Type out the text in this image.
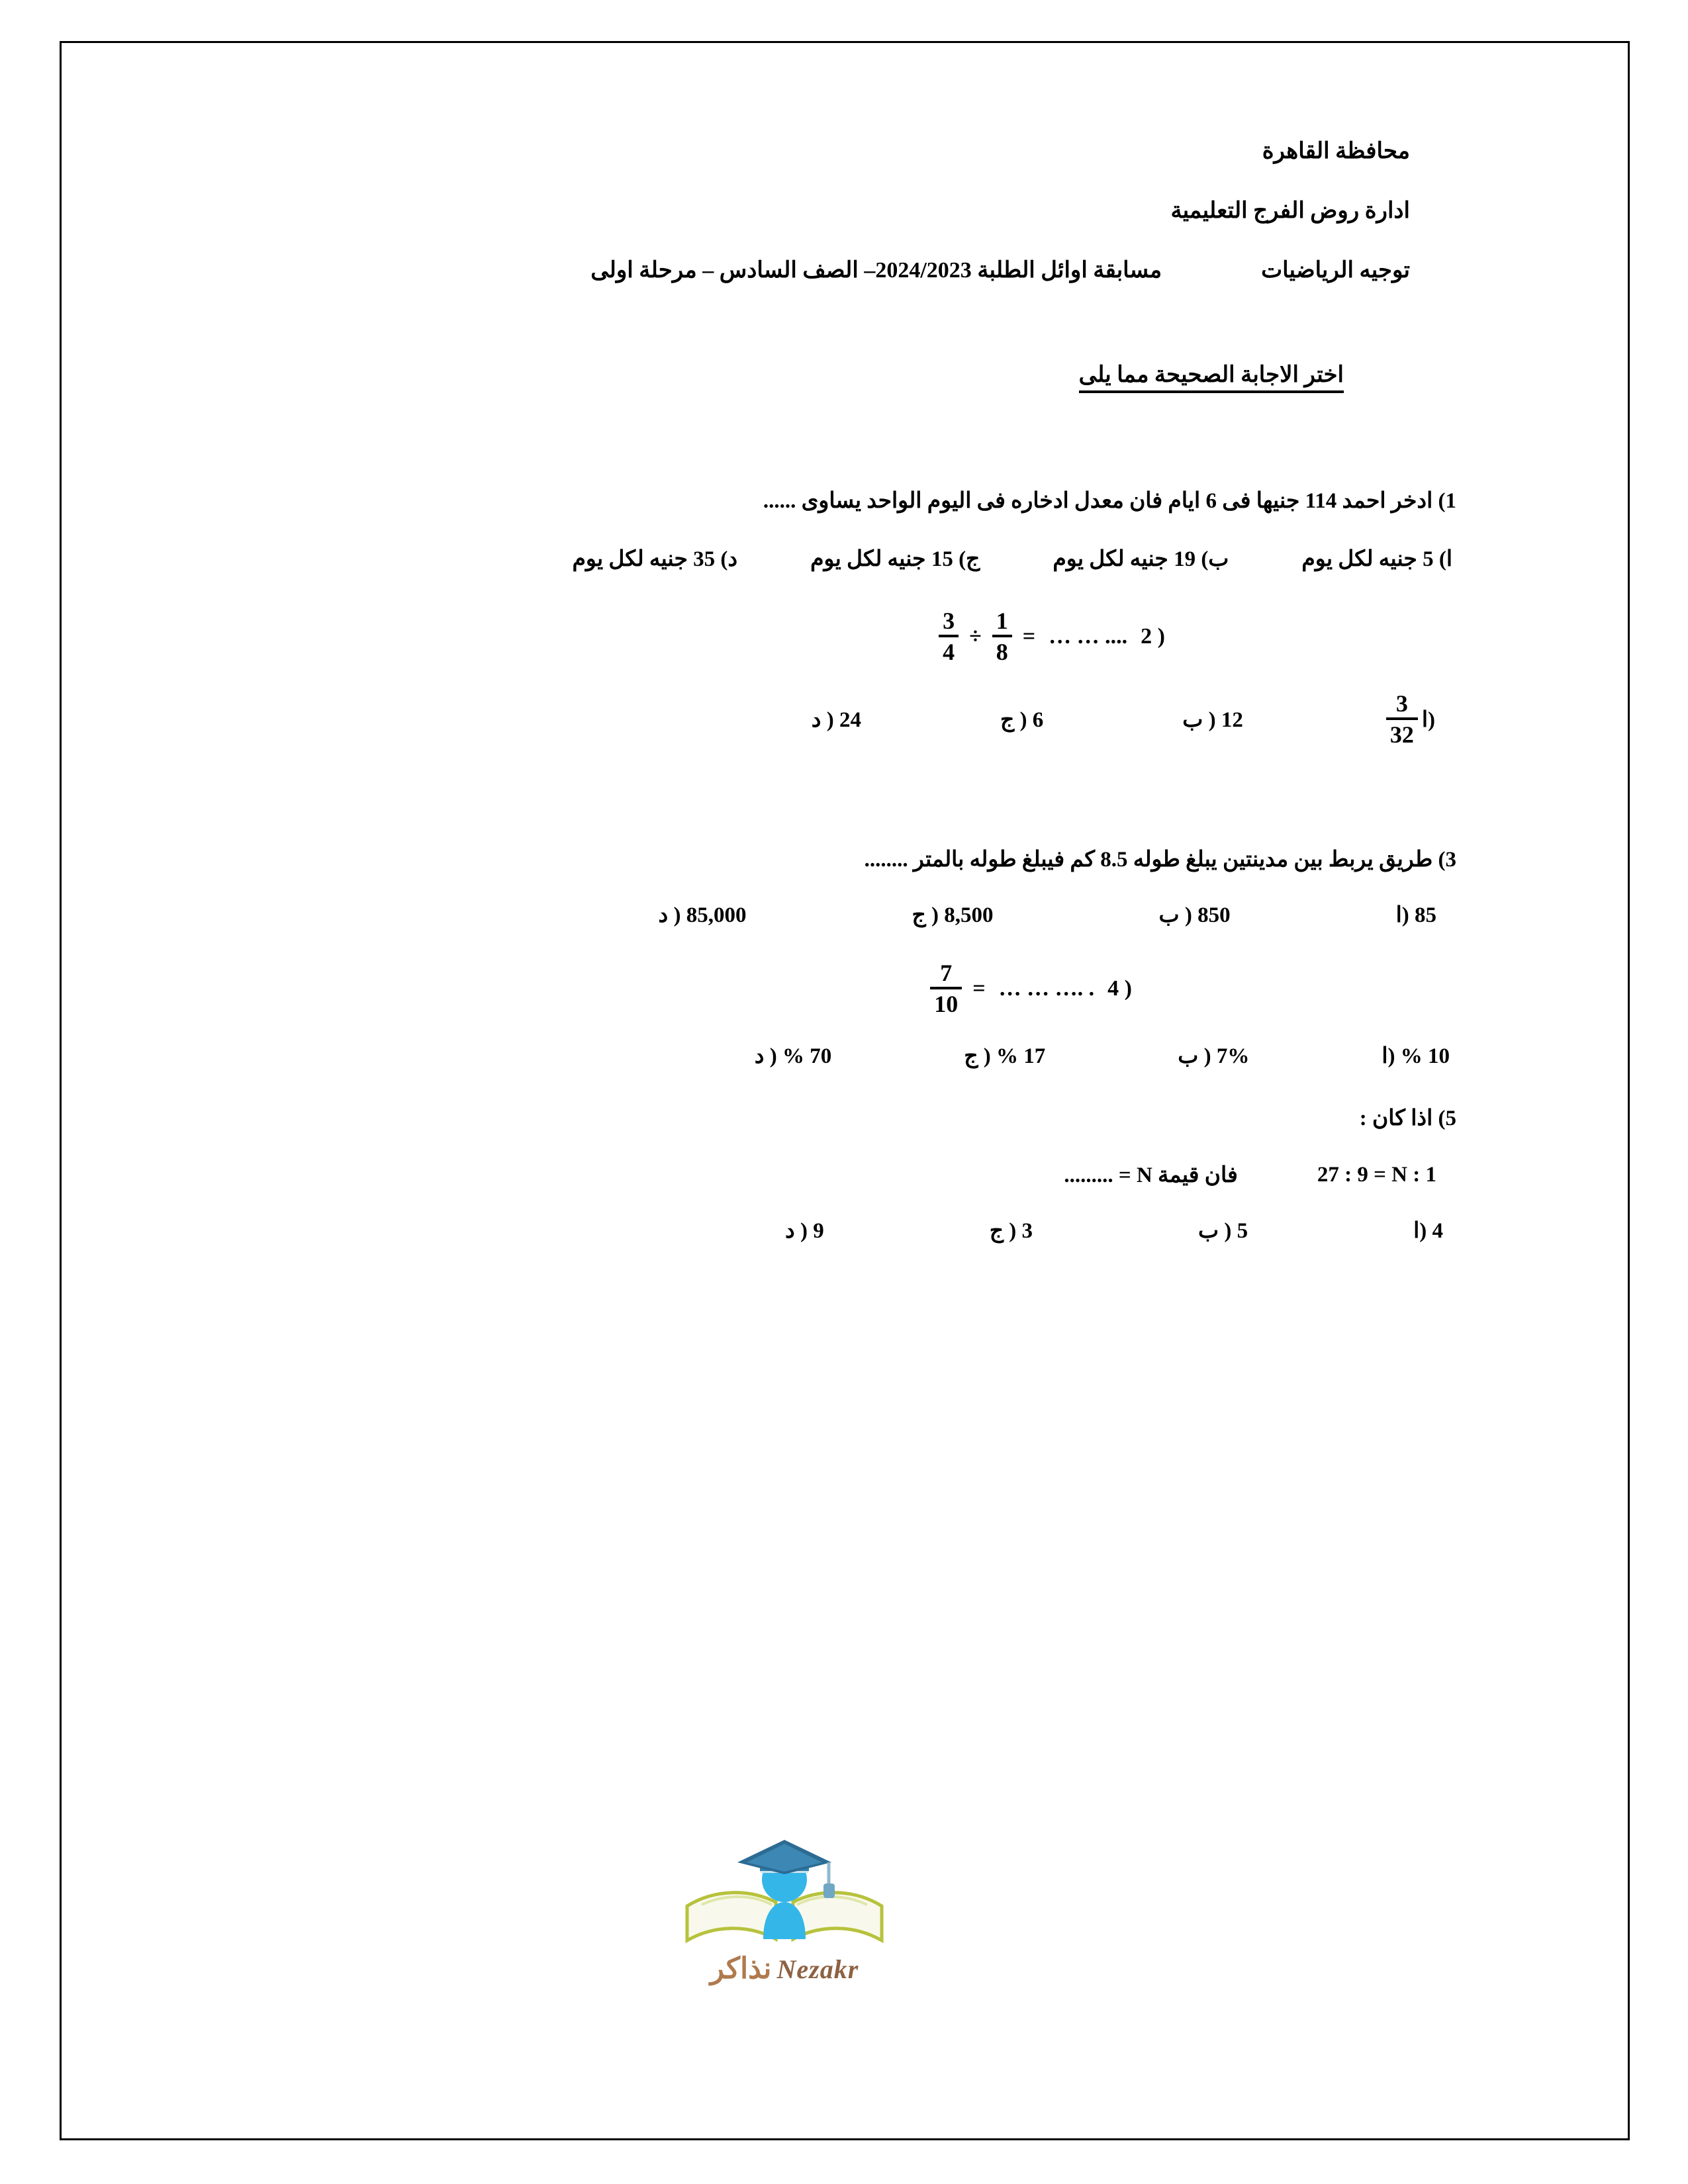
محافظة القاهرة
ادارة روض الفرج التعليمية
توجيه الرياضيات
مسابقة اوائل الطلبة 2024/2023– الصف السادس – مرحلة اولى
اختر الاجابة الصحيحة مما يلى
1) ادخر احمد 114 جنيها فى 6 ايام فان معدل ادخاره فى اليوم الواحد يساوى ......
ا) 5 جنيه لكل يوم
ب) 19 جنيه لكل يوم
ج) 15 جنيه لكل يوم
د) 35 جنيه لكل يوم
( 2
… … ....
=
$\frac{1}{8}$
÷
$\frac{3}{4}$
$\frac{3}{32}$ (ا
12 ( ب
6 ( ج
24 ( د
3) طريق يربط بين مدينتين يبلغ طوله 8.5 كم فيبلغ طوله بالمتر ........
85 (ا
850 ( ب
8,500 ( ج
85,000 ( د
( 4
… … …. .
=
$\frac{7}{10}$
10 % (ا
7% ( ب
17 % ( ج
70 % ( د
5) اذا كان :
27 : 9 = N : 1
فان قيمة N = .........
4 (ا
5 ( ب
3 ( ج
9 ( د
Nezakr
نذاكر
